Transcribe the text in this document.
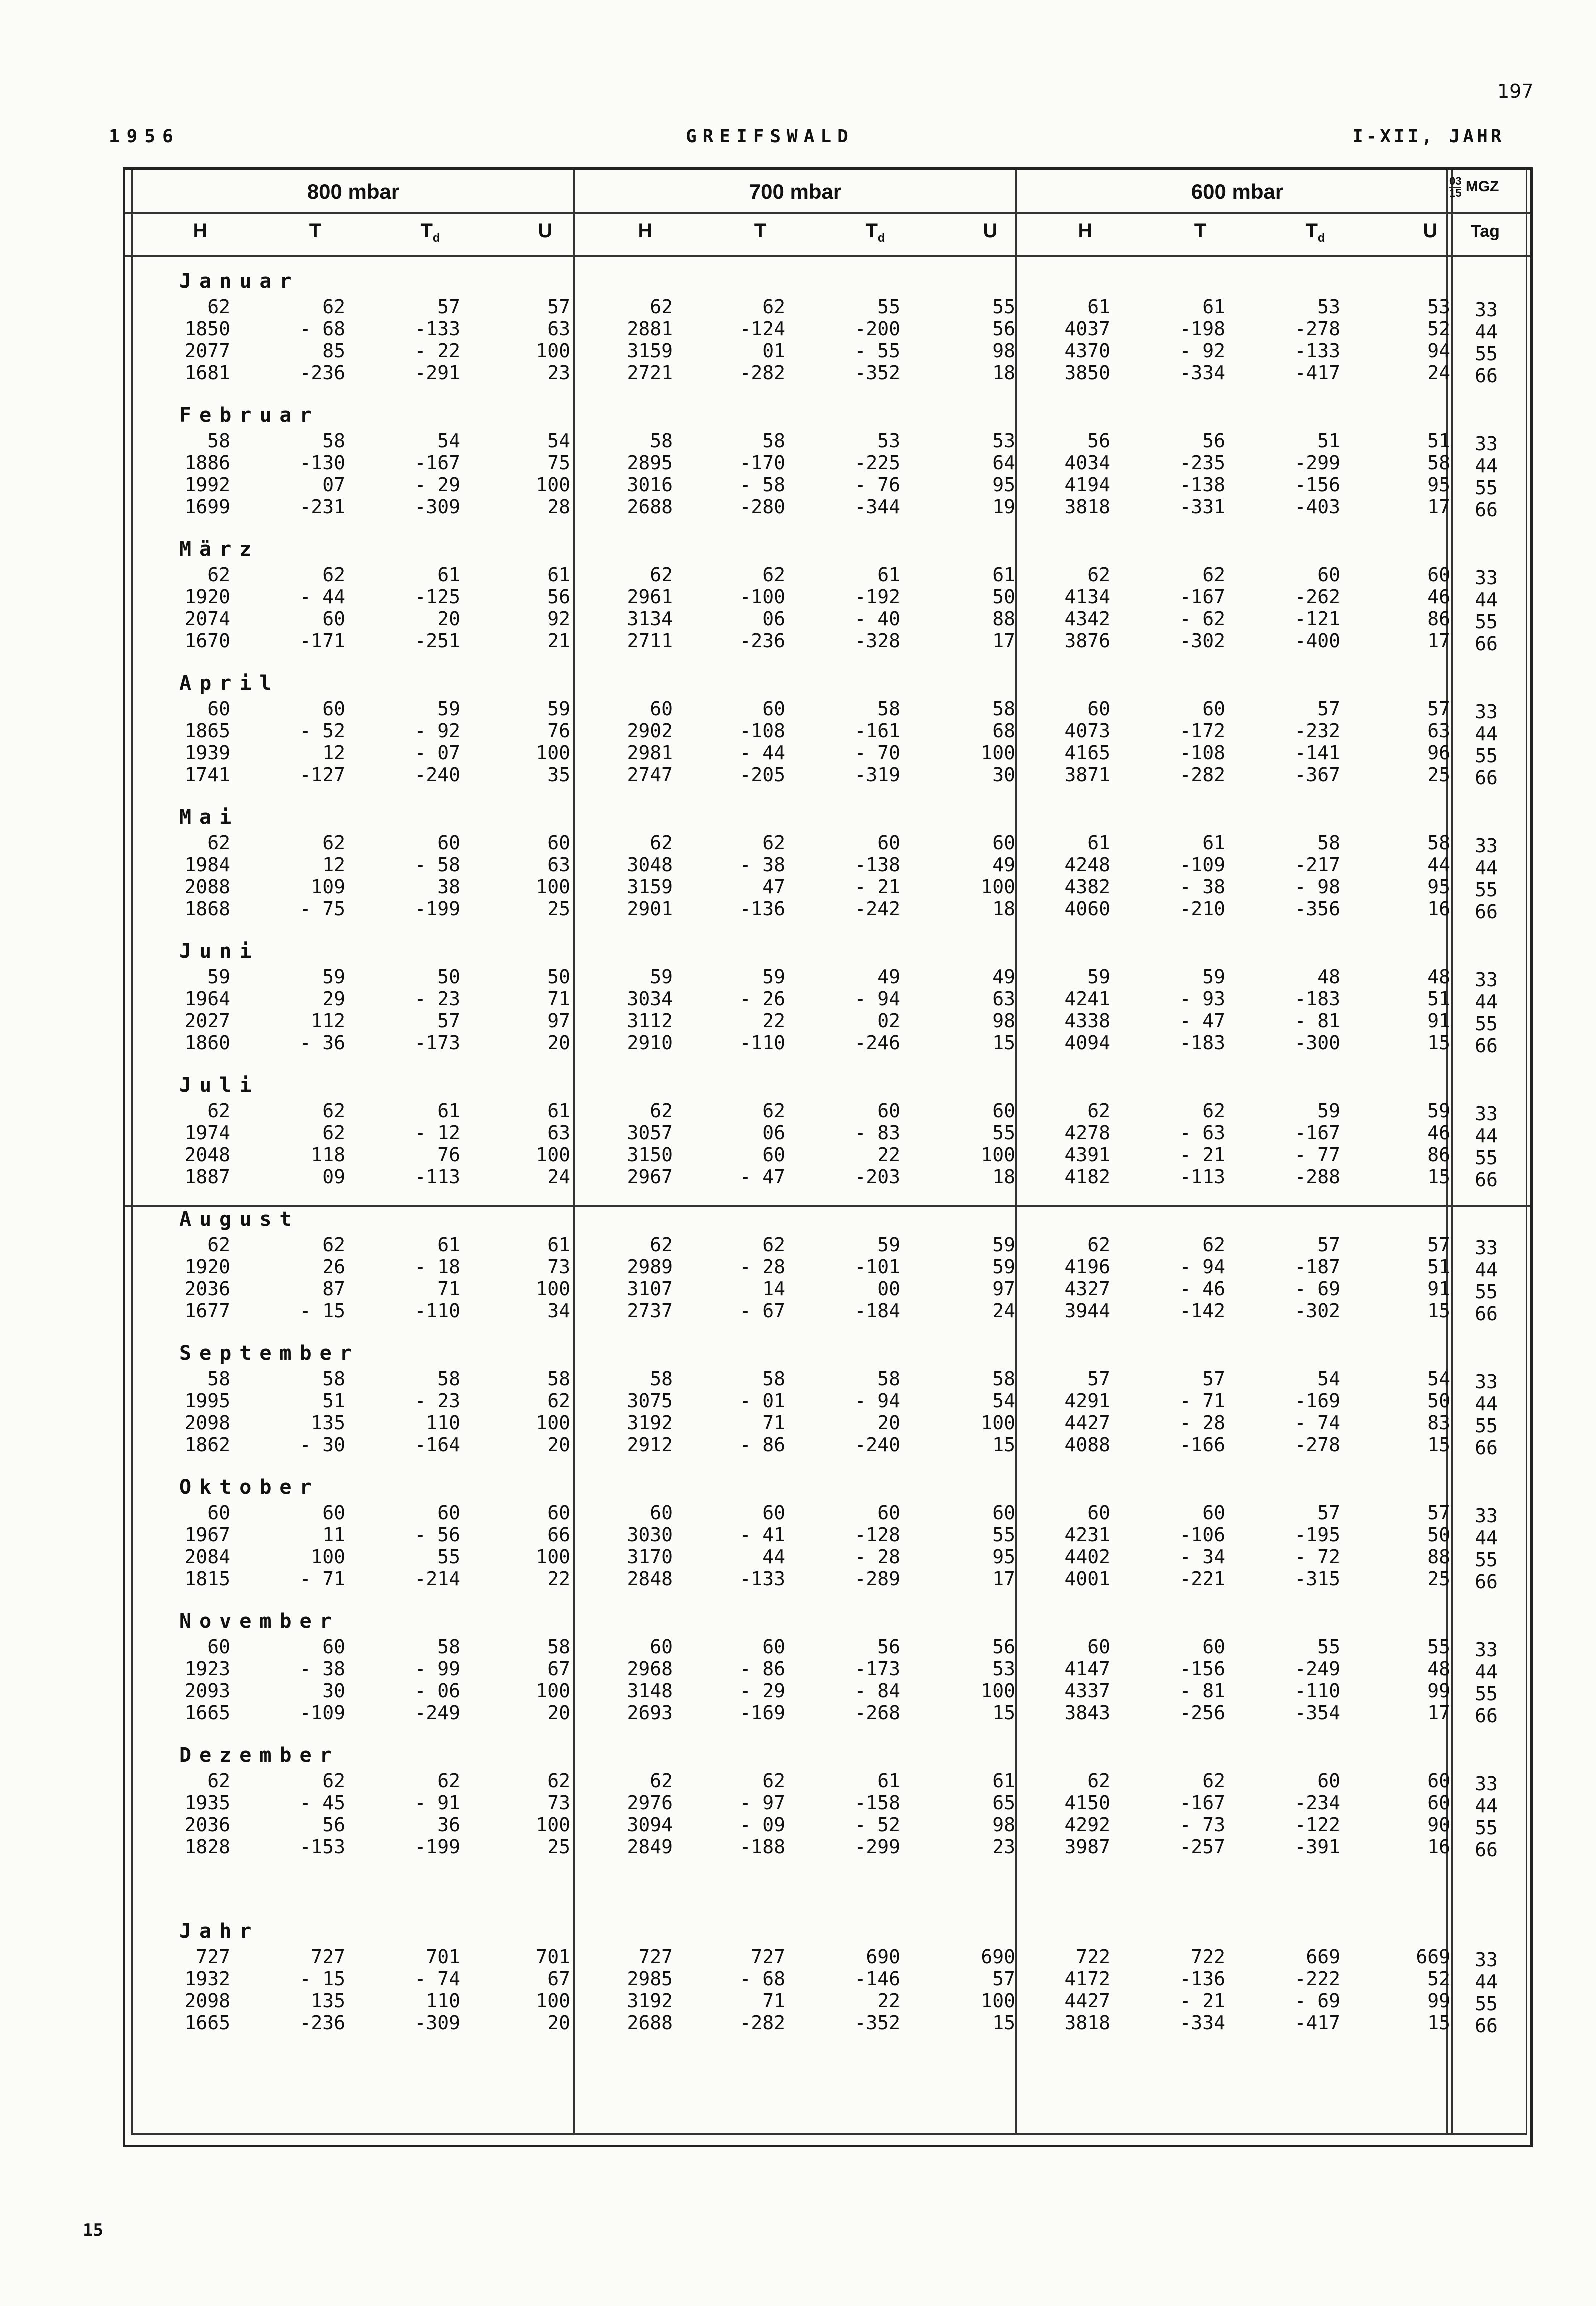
197
1956	GREIFSWALD	I-XII, JAHR
800 mbar	700 mbar	600 mbar	$\frac{03}{15}$ MGZ
Tag
H	T	$T_d$	U	H	T	$T_d$	U	H	T	$T_d$	U
Januar
62	62	57	57	62	62	55	55	61	61	53	53	33
1850	- 68	-133	63	2881	-124	-200	56	4037	-198	-278	52	44
2077	85	- 22	100	3159	01	- 55	98	4370	- 92	-133	94	55
1681	-236	-291	23	2721	-282	-352	18	3850	-334	-417	24	66
Februar
58	58	54	54	58	58	53	53	56	56	51	51	33
1886	-130	-167	75	2895	-170	-225	64	4034	-235	-299	58	44
1992	07	- 29	100	3016	- 58	- 76	95	4194	-138	-156	95	55
1699	-231	-309	28	2688	-280	-344	19	3818	-331	-403	17	66
März
62	62	61	61	62	62	61	61	62	62	60	60	33
1920	- 44	-125	56	2961	-100	-192	50	4134	-167	-262	46	44
2074	60	20	92	3134	06	- 40	88	4342	- 62	-121	86	55
1670	-171	-251	21	2711	-236	-328	17	3876	-302	-400	17	66
April
60	60	59	59	60	60	58	58	60	60	57	57	33
1865	- 52	- 92	76	2902	-108	-161	68	4073	-172	-232	63	44
1939	12	- 07	100	2981	- 44	- 70	100	4165	-108	-141	96	55
1741	-127	-240	35	2747	-205	-319	30	3871	-282	-367	25	66
Mai
62	62	60	60	62	62	60	60	61	61	58	58	33
1984	12	- 58	63	3048	- 38	-138	49	4248	-109	-217	44	44
2088	109	38	100	3159	47	- 21	100	4382	- 38	- 98	95	55
1868	- 75	-199	25	2901	-136	-242	18	4060	-210	-356	16	66
Juni
59	59	50	50	59	59	49	49	59	59	48	48	33
1964	29	- 23	71	3034	- 26	- 94	63	4241	- 93	-183	51	44
2027	112	57	97	3112	22	02	98	4338	- 47	- 81	91	55
1860	- 36	-173	20	2910	-110	-246	15	4094	-183	-300	15	66
Juli
62	62	61	61	62	62	60	60	62	62	59	59	33
1974	62	- 12	63	3057	06	- 83	55	4278	- 63	-167	46	44
2048	118	76	100	3150	60	22	100	4391	- 21	- 77	86	55
1887	09	-113	24	2967	- 47	-203	18	4182	-113	-288	15	66
August
62	62	61	61	62	62	59	59	62	62	57	57	33
1920	26	- 18	73	2989	- 28	-101	59	4196	- 94	-187	51	44
2036	87	71	100	3107	14	00	97	4327	- 46	- 69	91	55
1677	- 15	-110	34	2737	- 67	-184	24	3944	-142	-302	15	66
September
58	58	58	58	58	58	58	58	57	57	54	54	33
1995	51	- 23	62	3075	- 01	- 94	54	4291	- 71	-169	50	44
2098	135	110	100	3192	71	20	100	4427	- 28	- 74	83	55
1862	- 30	-164	20	2912	- 86	-240	15	4088	-166	-278	15	66
Oktober
60	60	60	60	60	60	60	60	60	60	57	57	33
1967	11	- 56	66	3030	- 41	-128	55	4231	-106	-195	50	44
2084	100	55	100	3170	44	- 28	95	4402	- 34	- 72	88	55
1815	- 71	-214	22	2848	-133	-289	17	4001	-221	-315	25	66
November
60	60	58	58	60	60	56	56	60	60	55	55	33
1923	- 38	- 99	67	2968	- 86	-173	53	4147	-156	-249	48	44
2093	30	- 06	100	3148	- 29	- 84	100	4337	- 81	-110	99	55
1665	-109	-249	20	2693	-169	-268	15	3843	-256	-354	17	66
Dezember
62	62	62	62	62	62	61	61	62	62	60	60	33
1935	- 45	- 91	73	2976	- 97	-158	65	4150	-167	-234	60	44
2036	56	36	100	3094	- 09	- 52	98	4292	- 73	-122	90	55
1828	-153	-199	25	2849	-188	-299	23	3987	-257	-391	16	66
Jahr
727	727	701	701	727	727	690	690	722	722	669	669	33
1932	- 15	- 74	67	2985	- 68	-146	57	4172	-136	-222	52	44
2098	135	110	100	3192	71	22	100	4427	- 21	- 69	99	55
1665	-236	-309	20	2688	-282	-352	15	3818	-334	-417	15	66
15
